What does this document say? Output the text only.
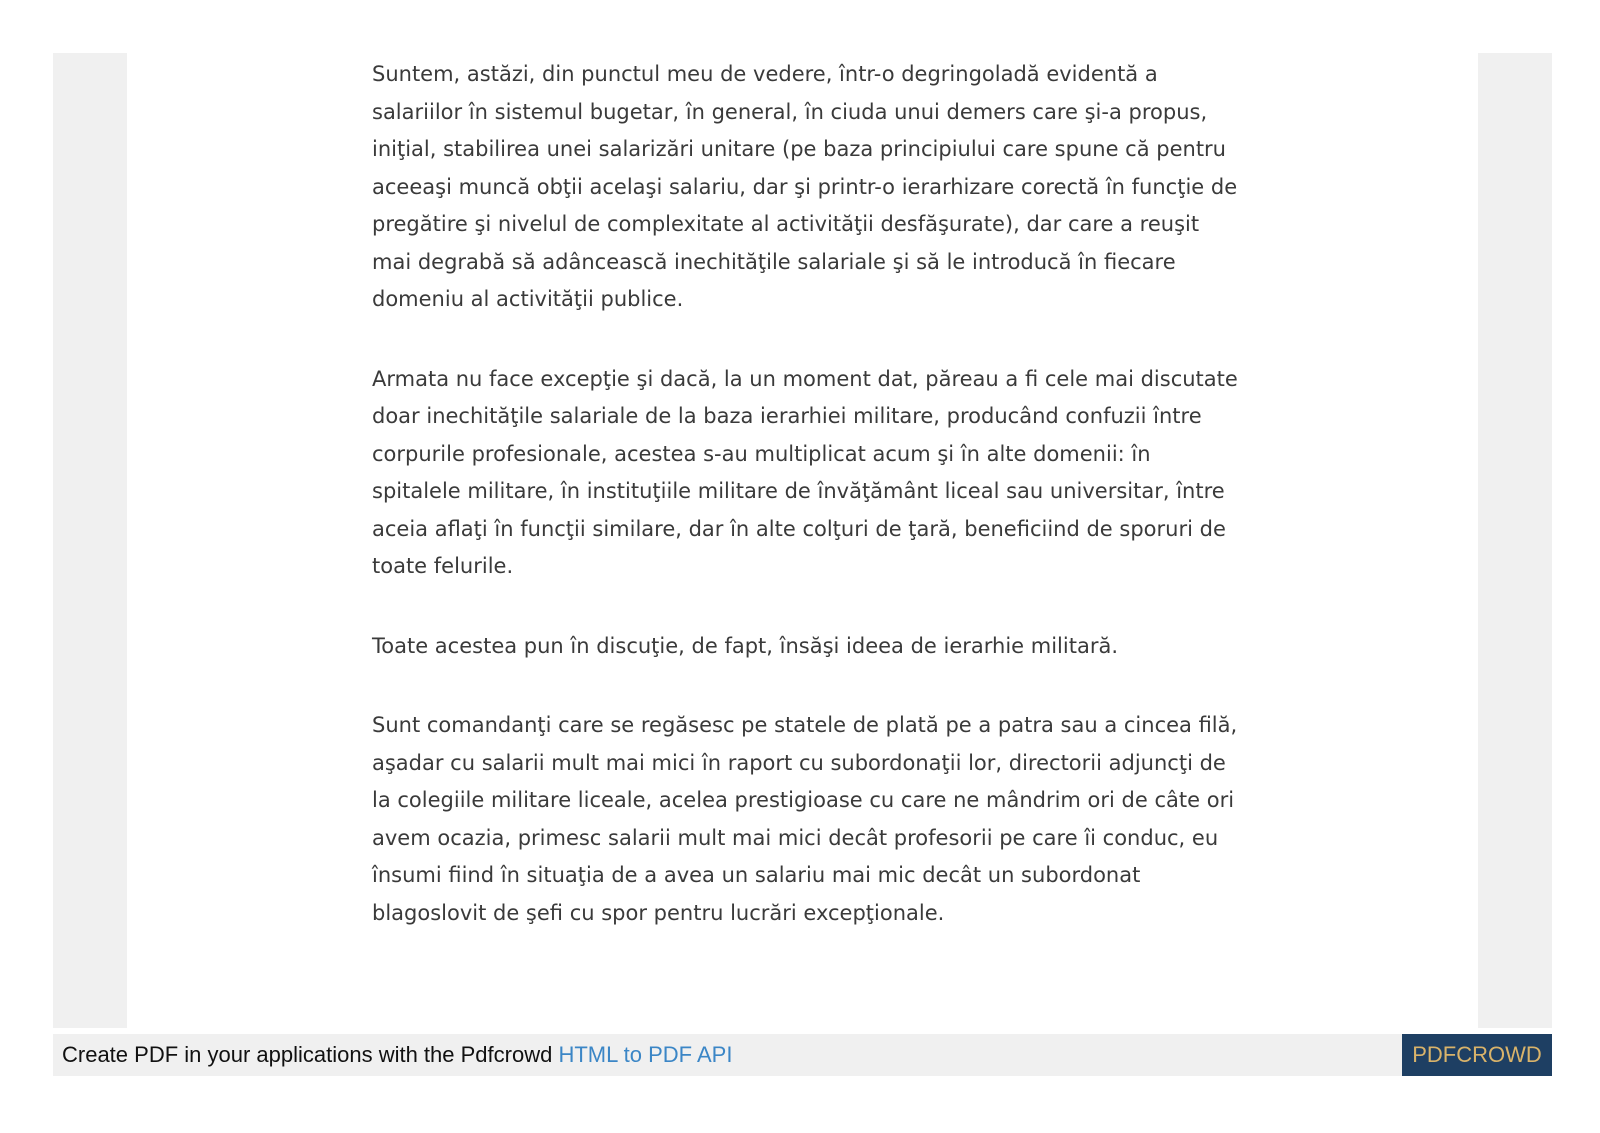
Suntem, astăzi, din punctul meu de vedere, într-o degringoladă evidentă a salariilor în sistemul bugetar, în general, în ciuda unui demers care şi-a propus, iniţial, stabilirea unei salarizări unitare (pe baza principiului care spune că pentru aceeaşi muncă obţii acelaşi salariu, dar şi printr-o ierarhizare corectă în funcţie de pregătire şi nivelul de complexitate al activităţii desfăşurate), dar care a reuşit mai degrabă să adâncească inechităţile salariale şi să le introducă în fiecare domeniu al activităţii publice.

Armata nu face excepţie şi dacă, la un moment dat, păreau a fi cele mai discutate doar inechităţile salariale de la baza ierarhiei militare, producând confuzii între corpurile profesionale, acestea s-au multiplicat acum şi în alte domenii: în spitalele militare, în instituţiile militare de învăţământ liceal sau universitar, între aceia aflaţi în funcţii similare, dar în alte colţuri de ţară, beneficiind de sporuri de toate felurile.

Toate acestea pun în discuţie, de fapt, însăşi ideea de ierarhie militară.

Sunt comandanţi care se regăsesc pe statele de plată pe a patra sau a cincea filă, aşadar cu salarii mult mai mici în raport cu subordonaţii lor, directorii adjuncţi de la colegiile militare liceale, acelea prestigioase cu care ne mândrim ori de câte ori avem ocazia, primesc salarii mult mai mici decât profesorii pe care îi conduc, eu însumi fiind în situaţia de a avea un salariu mai mic decât un subordonat blagoslovit de şefi cu spor pentru lucrări excepţionale.

Create PDF in your applications with the Pdfcrowd HTML to PDF API	PDFCROWD
